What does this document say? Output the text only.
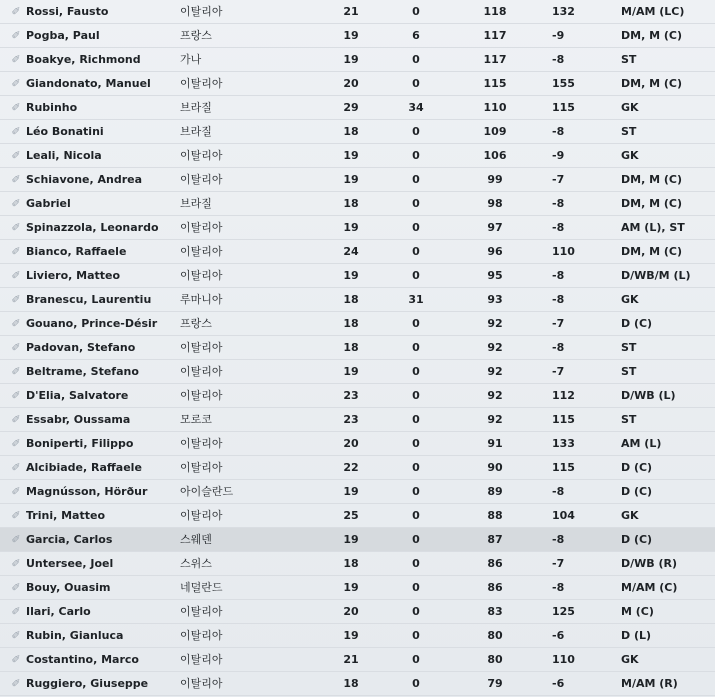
✐ Rossi, Fausto	이탈리아	21	0	118	132	M/AM (LC)
✐ Pogba, Paul	프랑스	19	6	117	-9	DM, M (C)
✐ Boakye, Richmond	가나	19	0	117	-8	ST
✐ Giandonato, Manuel	이탈리아	20	0	115	155	DM, M (C)
✐ Rubinho	브라질	29	34	110	115	GK
✐ Léo Bonatini	브라질	18	0	109	-8	ST
✐ Leali, Nicola	이탈리아	19	0	106	-9	GK
✐ Schiavone, Andrea	이탈리아	19	0	99	-7	DM, M (C)
✐ Gabriel	브라질	18	0	98	-8	DM, M (C)
✐ Spinazzola, Leonardo 이탈리아	19	0	97	-8	AM (L), ST
✐ Bianco, Raffaele	이탈리아	24	0	96	110	DM, M (C)
✐ Liviero, Matteo	이탈리아	19	0	95	-8	D/WB/M (L)
✐ Branescu, Laurentiu	루마니아	18	31	93	-8	GK
✐ Gouano, Prince-Désir 프랑스	18	0	92	-7	D (C)
✐ Padovan, Stefano	이탈리아	18	0	92	-8	ST
✐ Beltrame, Stefano	이탈리아	19	0	92	-7	ST
✐ D'Elia, Salvatore	이탈리아	23	0	92	112	D/WB (L)
✐ Essabr, Oussama	모로코	23	0	92	115	ST
✐ Boniperti, Filippo	이탈리아	20	0	91	133	AM (L)
✐ Alcibiade, Raffaele	이탈리아	22	0	90	115	D (C)
✐ Magnússon, Hörður	아이슬란드	19	0	89	-8	D (C)
✐ Trini, Matteo	이탈리아	25	0	88	104	GK
✐ Garcia, Carlos	스웨덴	19	0	87	-8	D (C)
✐ Untersee, Joel	스위스	18	0	86	-7	D/WB (R)
✐ Bouy, Ouasim	네덜란드	19	0	86	-8	M/AM (C)
✐ Ilari, Carlo	이탈리아	20	0	83	125	M (C)
✐ Rubin, Gianluca	이탈리아	19	0	80	-6	D (L)
✐ Costantino, Marco	이탈리아	21	0	80	110	GK
✐ Ruggiero, Giuseppe	이탈리아	18	0	79	-6	M/AM (R)
